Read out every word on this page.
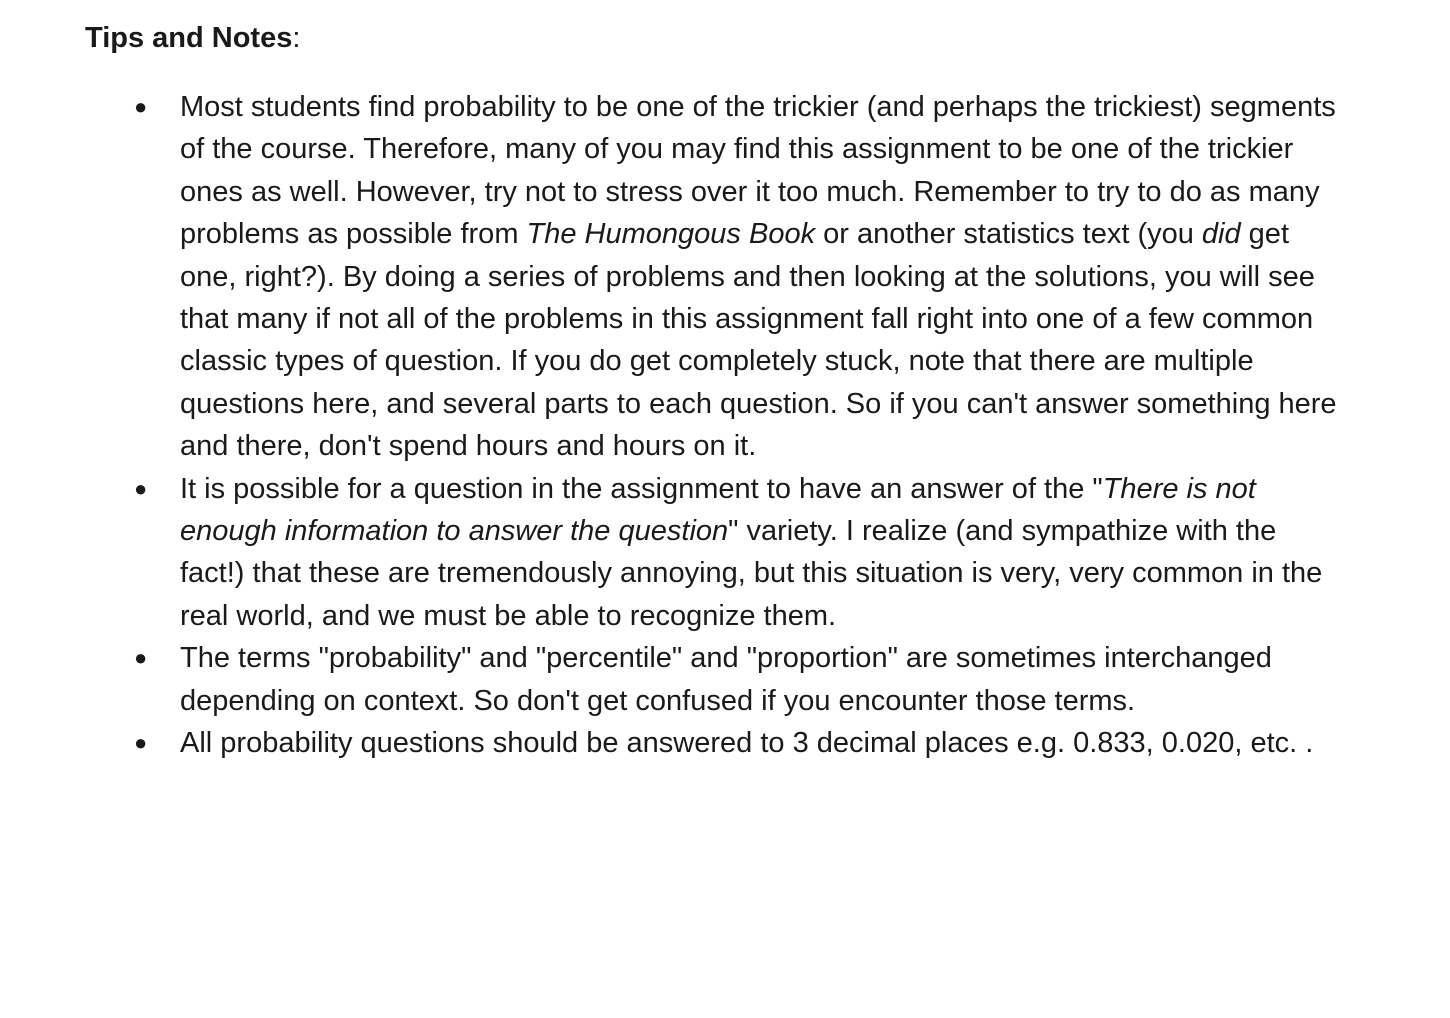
Tips and Notes:
● Most students find probability to be one of the trickier (and perhaps the trickiest) segments of the course. Therefore, many of you may find this assignment to be one of the trickier ones as well. However, try not to stress over it too much. Remember to try to do as many problems as possible from The Humongous Book or another statistics text (you did get one, right?). By doing a series of problems and then looking at the solutions, you will see that many if not all of the problems in this assignment fall right into one of a few common classic types of question. If you do get completely stuck, note that there are multiple questions here, and several parts to each question. So if you can't answer something here and there, don't spend hours and hours on it.
● It is possible for a question in the assignment to have an answer of the "There is not enough information to answer the question" variety. I realize (and sympathize with the fact!) that these are tremendously annoying, but this situation is very, very common in the real world, and we must be able to recognize them.
● The terms "probability" and "percentile" and "proportion" are sometimes interchanged depending on context. So don't get confused if you encounter those terms.
● All probability questions should be answered to 3 decimal places e.g. 0.833, 0.020, etc. .
